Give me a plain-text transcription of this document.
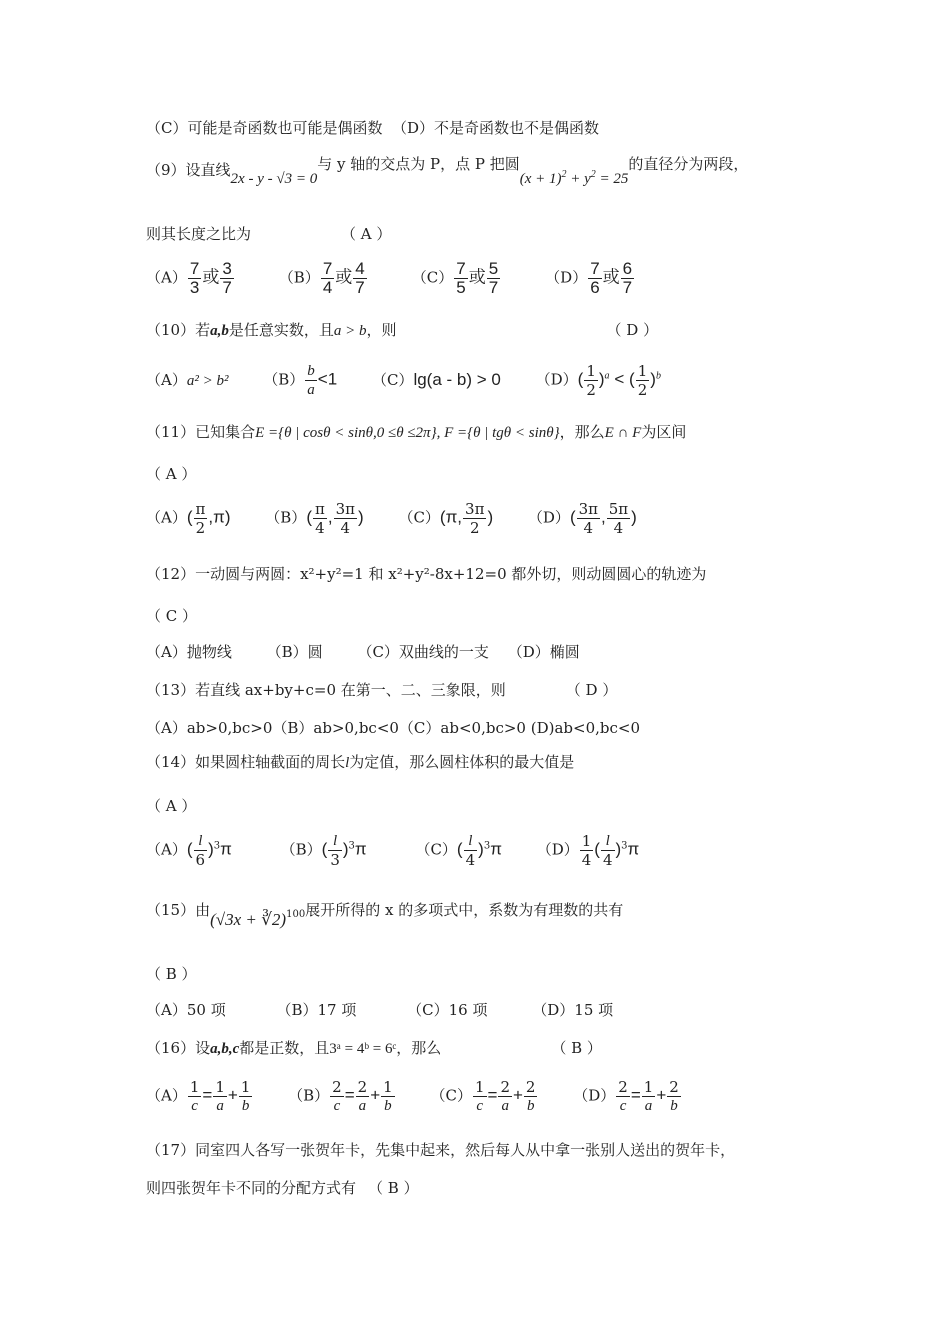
（C）可能是奇函数也可能是偶函数 （D）不是奇函数也不是偶函数
（9）设直线2x - y - √3 = 0与 y 轴的交点为 P，点 P 把圆$(x + 1)^2 + y^2 = 25$的直径分为两段，
则其长度之比为	（ A ）
$(A) \frac{7}{3}$ 或 $\frac{3}{7}$	$(B) \frac{7}{4}$ 或 $\frac{4}{7}$	$(C) \frac{7}{5}$ 或 $\frac{5}{7}$	$(D) \frac{7}{6}$ 或 $\frac{6}{7}$
（10）若a,b是任意实数，且a > b，则	（ D ）
（A）a² > b² $(B) \frac{b}{a} <1$ （C）lg(a - b) > 0 $(D)( \frac{1}{2} )^a$ < ( $\frac{1}{2} )^b$
（11）已知集合E ={θ | cosθ < sinθ,0 ≤θ ≤2π}, F ={θ | tgθ < sinθ}，那么E ∩ F为区间
（ A ）
$(A)( \frac{\pi}{2} ,\pi)$ $(B)( \frac{\pi}{4}$ , $\frac{3\pi}{4}$ ) （C）(π, $\frac{3\pi}{2}$ ) $(D)( \frac{3\pi}{4}$ , $\frac{5\pi}{4}$ )
（12）一动圆与两圆：x²+y²=1 和 x²+y²-8x+12=0 都外切，则动圆圆心的轨迹为
（ C ）
（A）抛物线 （B）圆 （C）双曲线的一支 （D）椭圆
（13）若直线 ax+by+c=0 在第一、二、三象限，则	（ D ）
（A）ab>0,bc>0（B）ab>0,bc<0（C）ab<0,bc>0 (D)ab<0,bc<0
（14）如果圆柱轴截面的周长l为定值，那么圆柱体积的最大值是
（ A ）
$(A)( \frac{l}{6} )^3\pi$	$(B)( \frac{l}{3} )^3\pi$	$(C)( \frac{l}{4} )^3\pi$ $(D) \frac{1}{4}$ ( $\frac{l}{4} )^3\pi$
（15）由(√3x + ∛2)$^{100}$展开所得的 x 的多项式中，系数为有理数的共有
（ B ）
（A）50 项	（B）17 项	（C）16 项	（D）15 项
（16）设a,b,c都是正数，且3ᵃ = 4ᵇ = 6ᶜ，那么	（ B ）
$(A) \frac{1}{c} = \frac{1}{a} + \frac{1}{b} (B) \frac{2}{c} = \frac{2}{a} + \frac{1}{b} (C) \frac{1}{c} = \frac{2}{a} + \frac{2}{b} (D) \frac{2}{c} = \frac{1}{a} + \frac{2}{b}$
（17）同室四人各写一张贺年卡，先集中起来，然后每人从中拿一张别人送出的贺年卡，
则四张贺年卡不同的分配方式有 （ B ）
